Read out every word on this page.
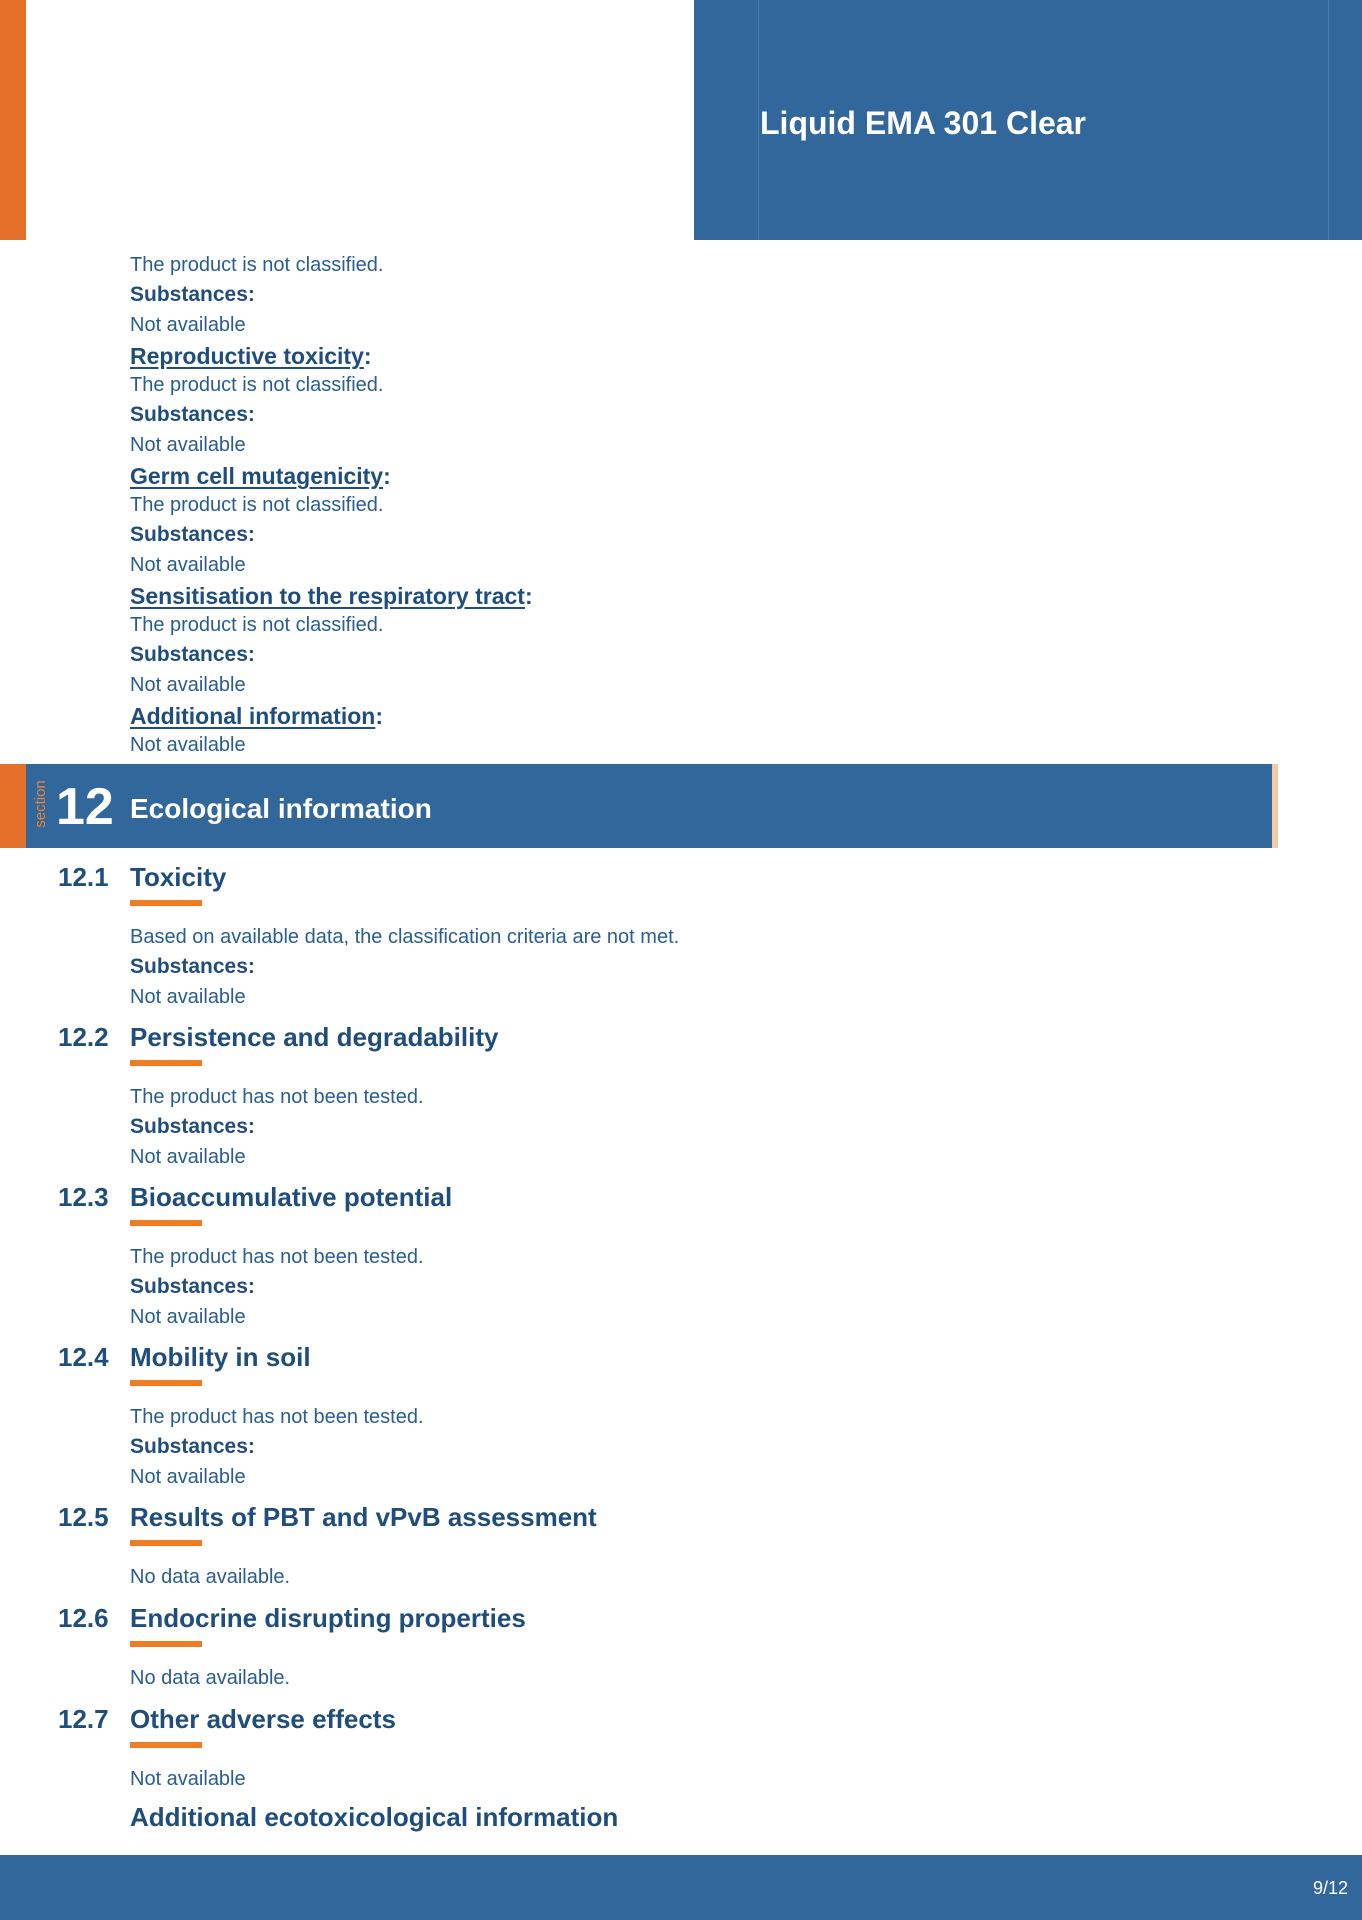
Liquid EMA 301 Clear
The product is not classified.
Substances:
Not available
Reproductive toxicity:
The product is not classified.
Substances:
Not available
Germ cell mutagenicity:
The product is not classified.
Substances:
Not available
Sensitisation to the respiratory tract:
The product is not classified.
Substances:
Not available
Additional information:
Not available
section 12 Ecological information
12.1 Toxicity
Based on available data, the classification criteria are not met.
Substances:
Not available
12.2 Persistence and degradability
The product has not been tested.
Substances:
Not available
12.3 Bioaccumulative potential
The product has not been tested.
Substances:
Not available
12.4 Mobility in soil
The product has not been tested.
Substances:
Not available
12.5 Results of PBT and vPvB assessment
No data available.
12.6 Endocrine disrupting properties
No data available.
12.7 Other adverse effects
Not available
Additional ecotoxicological information
9/12
